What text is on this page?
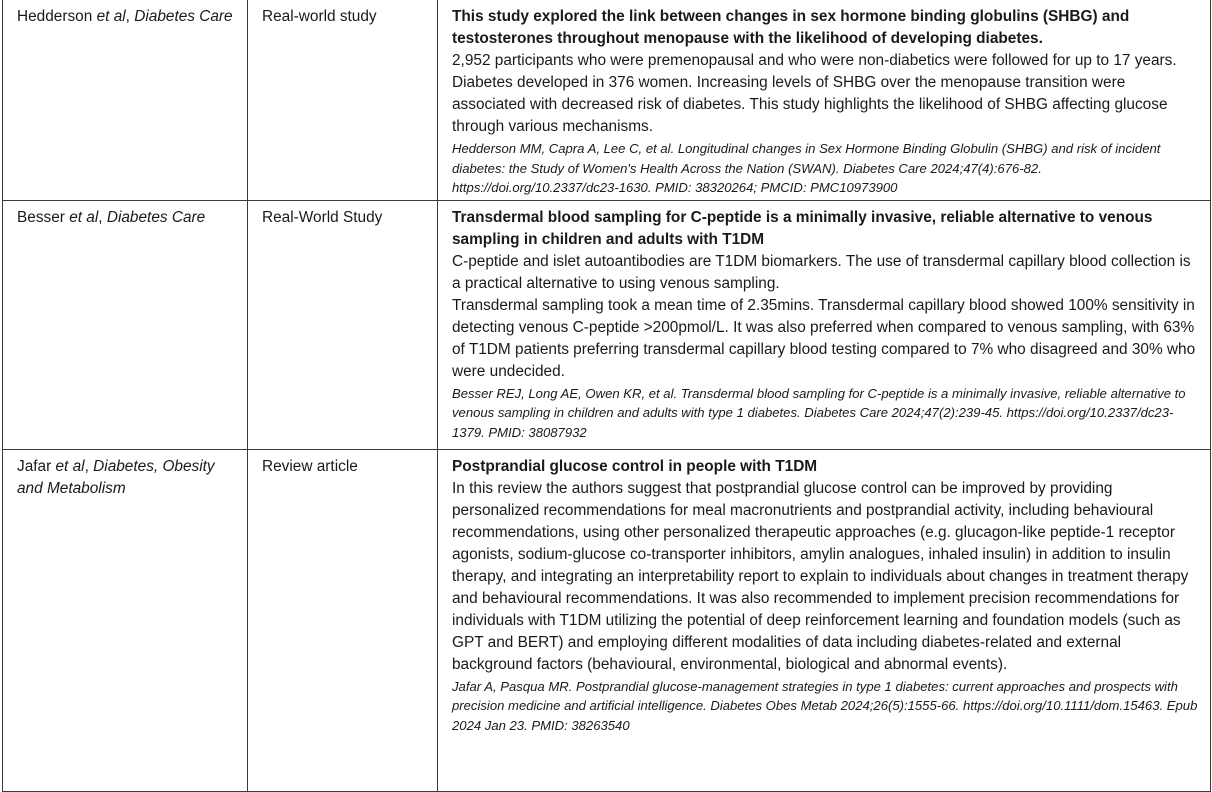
Hedderson et al, Diabetes Care	Real-world study	This study explored the link between changes in sex hormone binding globulins (SHBG) and testosterones throughout menopause with the likelihood of developing diabetes.
2,952 participants who were premenopausal and who were non-diabetics were followed for up to 17 years. Diabetes developed in 376 women. Increasing levels of SHBG over the menopause transition were associated with decreased risk of diabetes. This study highlights the likelihood of SHBG affecting glucose through various mechanisms.
Hedderson MM, Capra A, Lee C, et al. Longitudinal changes in Sex Hormone Binding Globulin (SHBG) and risk of incident diabetes: the Study of Women's Health Across the Nation (SWAN). Diabetes Care 2024;47(4):676-82. https://doi.org/10.2337/dc23-1630. PMID: 38320264; PMCID: PMC10973900

Besser et al, Diabetes Care	Real-World Study	Transdermal blood sampling for C-peptide is a minimally invasive, reliable alternative to venous sampling in children and adults with T1DM
C-peptide and islet autoantibodies are T1DM biomarkers. The use of transdermal capillary blood collection is a practical alternative to using venous sampling.
Transdermal sampling took a mean time of 2.35mins. Transdermal capillary blood showed 100% sensitivity in detecting venous C-peptide >200pmol/L. It was also preferred when compared to venous sampling, with 63% of T1DM patients preferring transdermal capillary blood testing compared to 7% who disagreed and 30% who were undecided.
Besser REJ, Long AE, Owen KR, et al. Transdermal blood sampling for C-peptide is a minimally invasive, reliable alternative to venous sampling in children and adults with type 1 diabetes. Diabetes Care 2024;47(2):239-45. https://doi.org/10.2337/dc23-1379. PMID: 38087932

Jafar et al, Diabetes, Obesity and Metabolism	Review article	Postprandial glucose control in people with T1DM
In this review the authors suggest that postprandial glucose control can be improved by providing personalized recommendations for meal macronutrients and postprandial activity, including behavioural recommendations, using other personalized therapeutic approaches (e.g. glucagon-like peptide-1 receptor agonists, sodium-glucose co-transporter inhibitors, amylin analogues, inhaled insulin) in addition to insulin therapy, and integrating an interpretability report to explain to individuals about changes in treatment therapy and behavioural recommendations. It was also recommended to implement precision recommendations for individuals with T1DM utilizing the potential of deep reinforcement learning and foundation models (such as GPT and BERT) and employing different modalities of data including diabetes-related and external background factors (behavioural, environmental, biological and abnormal events).
Jafar A, Pasqua MR. Postprandial glucose-management strategies in type 1 diabetes: current approaches and prospects with precision medicine and artificial intelligence. Diabetes Obes Metab 2024;26(5):1555-66. https://doi.org/10.1111/dom.15463. Epub 2024 Jan 23. PMID: 38263540
